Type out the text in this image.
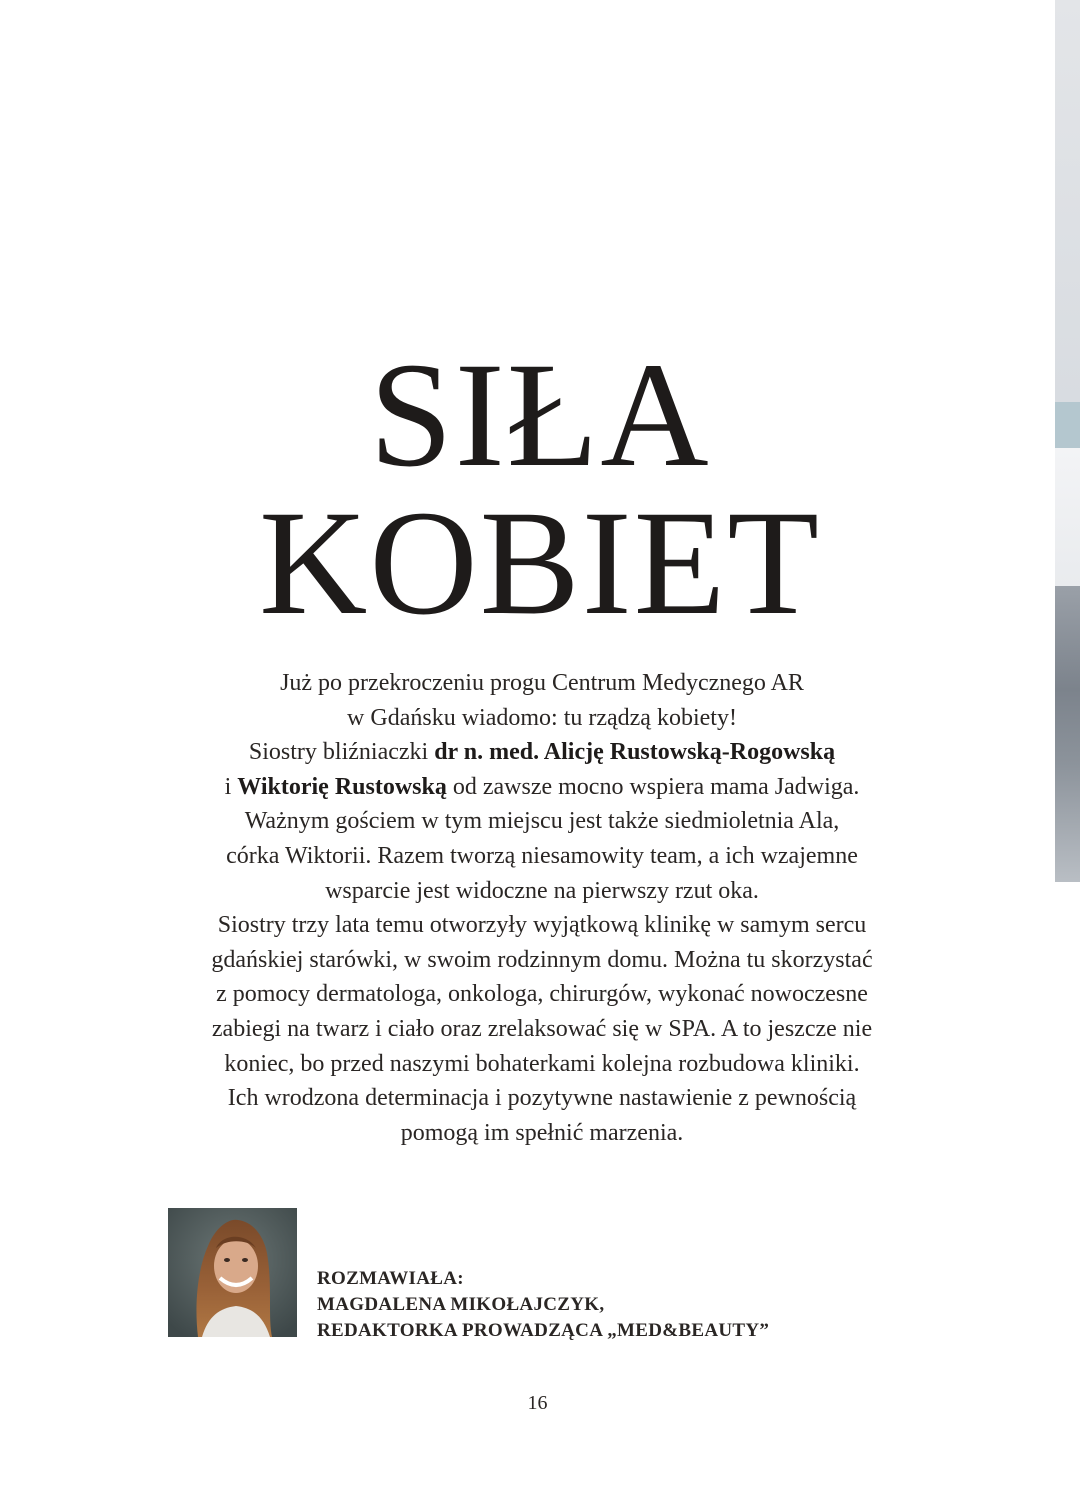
SIŁA
KOBIET

Już po przekroczeniu progu Centrum Medycznego AR
w Gdańsku wiadomo: tu rządzą kobiety!
Siostry bliźniaczki dr n. med. Alicję Rustowską-Rogowską
i Wiktorię Rustowską od zawsze mocno wspiera mama Jadwiga.
Ważnym gościem w tym miejscu jest także siedmioletnia Ala,
córka Wiktorii. Razem tworzą niesamowity team, a ich wzajemne
wsparcie jest widoczne na pierwszy rzut oka.
Siostry trzy lata temu otworzyły wyjątkową klinikę w samym sercu
gdańskiej starówki, w swoim rodzinnym domu. Można tu skorzystać
z pomocy dermatologa, onkologa, chirurgów, wykonać nowoczesne
zabiegi na twarz i ciało oraz zrelaksować się w SPA. A to jeszcze nie
koniec, bo przed naszymi bohaterkami kolejna rozbudowa kliniki.
Ich wrodzona determinacja i pozytywne nastawienie z pewnością
pomogą im spełnić marzenia.

ROZMAWIAŁA:
MAGDALENA MIKOŁAJCZYK,
REDAKTORKA PROWADZĄCA „MED&BEAUTY”
16
